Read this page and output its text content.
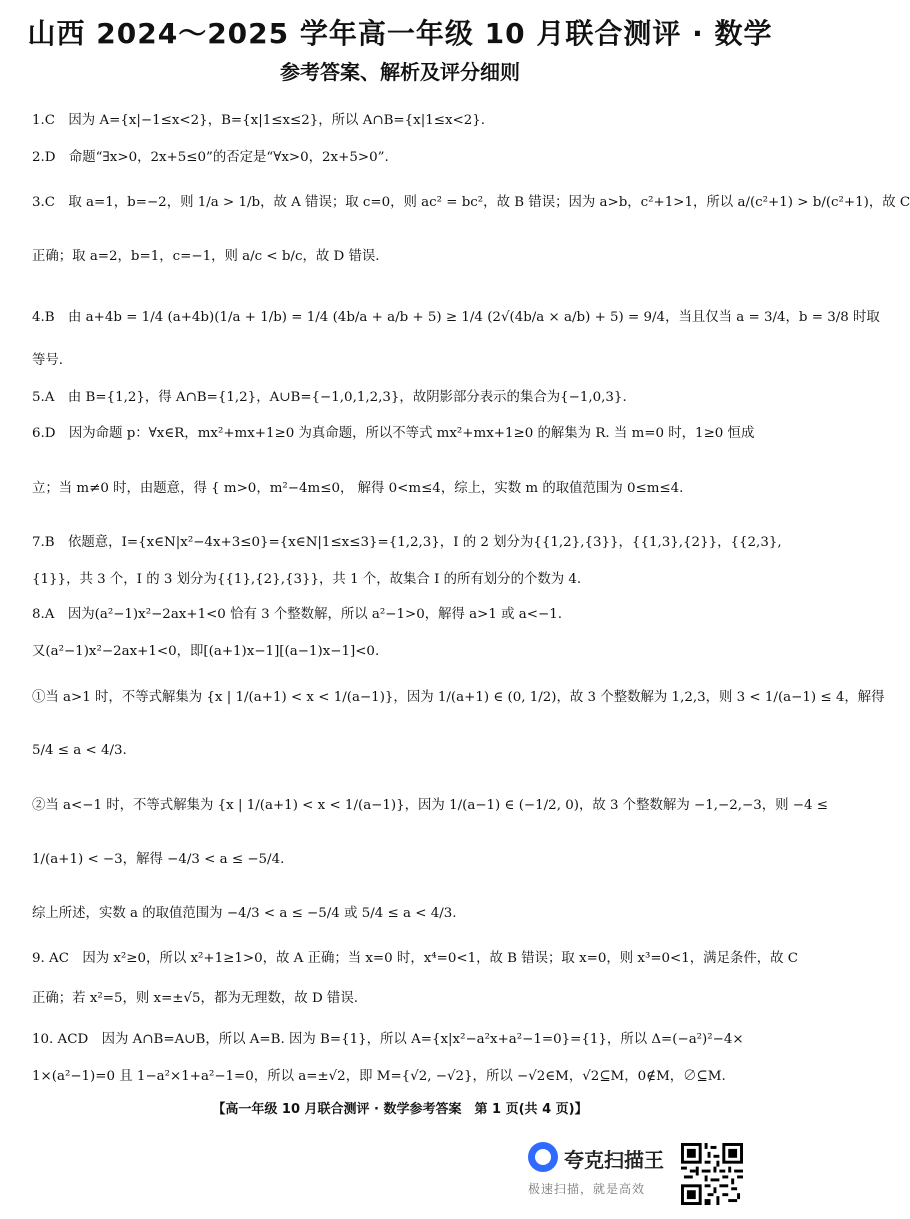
山西 2024～2025 学年高一年级 10 月联合测评 · 数学
参考答案、解析及评分细则
1.C　因为 A={x|−1≤x<2}，B={x|1≤x≤2}，所以 A∩B={x|1≤x<2}.
2.D　命题“∃x>0，2x+5≤0”的否定是“∀x>0，2x+5>0”.
3.C　取 a=1，b=−2，则 1/a > 1/b，故 A 错误；取 c=0，则 ac² = bc²，故 B 错误；因为 a>b，c²+1>1，所以 a/(c²+1) > b/(c²+1)，故 C
正确；取 a=2，b=1，c=−1，则 a/c < b/c，故 D 错误.
4.B　由 a+4b = 1/4 (a+4b)(1/a + 1/b) = 1/4 (4b/a + a/b + 5) ≥ 1/4 (2√(4b/a × a/b) + 5) = 9/4，当且仅当 a = 3/4，b = 3/8 时取
等号.
5.A　由 B={1,2}，得 A∩B={1,2}，A∪B={−1,0,1,2,3}，故阴影部分表示的集合为{−1,0,3}.
6.D　因为命题 p：∀x∈R，mx²+mx+1≥0 为真命题，所以不等式 mx²+mx+1≥0 的解集为 R. 当 m=0 时，1≥0 恒成
立；当 m≠0 时，由题意，得 { m>0，m²−4m≤0， 解得 0<m≤4，综上，实数 m 的取值范围为 0≤m≤4.
7.B　依题意，I={x∈N|x²−4x+3≤0}={x∈N|1≤x≤3}={1,2,3}，I 的 2 划分为{{1,2},{3}}，{{1,3},{2}}，{{2,3},
{1}}，共 3 个，I 的 3 划分为{{1},{2},{3}}，共 1 个，故集合 I 的所有划分的个数为 4.
8.A　因为(a²−1)x²−2ax+1<0 恰有 3 个整数解，所以 a²−1>0，解得 a>1 或 a<−1.
又(a²−1)x²−2ax+1<0，即[(a+1)x−1][(a−1)x−1]<0.
①当 a>1 时，不等式解集为 {x | 1/(a+1) < x < 1/(a−1)}，因为 1/(a+1) ∈ (0, 1/2)，故 3 个整数解为 1,2,3，则 3 < 1/(a−1) ≤ 4，解得
5/4 ≤ a < 4/3.
②当 a<−1 时，不等式解集为 {x | 1/(a+1) < x < 1/(a−1)}，因为 1/(a−1) ∈ (−1/2, 0)，故 3 个整数解为 −1,−2,−3，则 −4 ≤
1/(a+1) < −3，解得 −4/3 < a ≤ −5/4.
综上所述，实数 a 的取值范围为 −4/3 < a ≤ −5/4 或 5/4 ≤ a < 4/3.
9. AC　因为 x²≥0，所以 x²+1≥1>0，故 A 正确；当 x=0 时，x⁴=0<1，故 B 错误；取 x=0，则 x³=0<1，满足条件，故 C
正确；若 x²=5，则 x=±√5，都为无理数，故 D 错误.
10. ACD　因为 A∩B=A∪B，所以 A=B. 因为 B={1}，所以 A={x|x²−a²x+a²−1=0}={1}，所以 Δ=(−a²)²−4×
1×(a²−1)=0 且 1−a²×1+a²−1=0，所以 a=±√2，即 M={√2, −√2}，所以 −√2∈M，√2⊆M，0∉M，∅⊆M.
【高一年级 10 月联合测评 · 数学参考答案　第 1 页(共 4 页)】
夸克扫描王
极速扫描，就是高效
